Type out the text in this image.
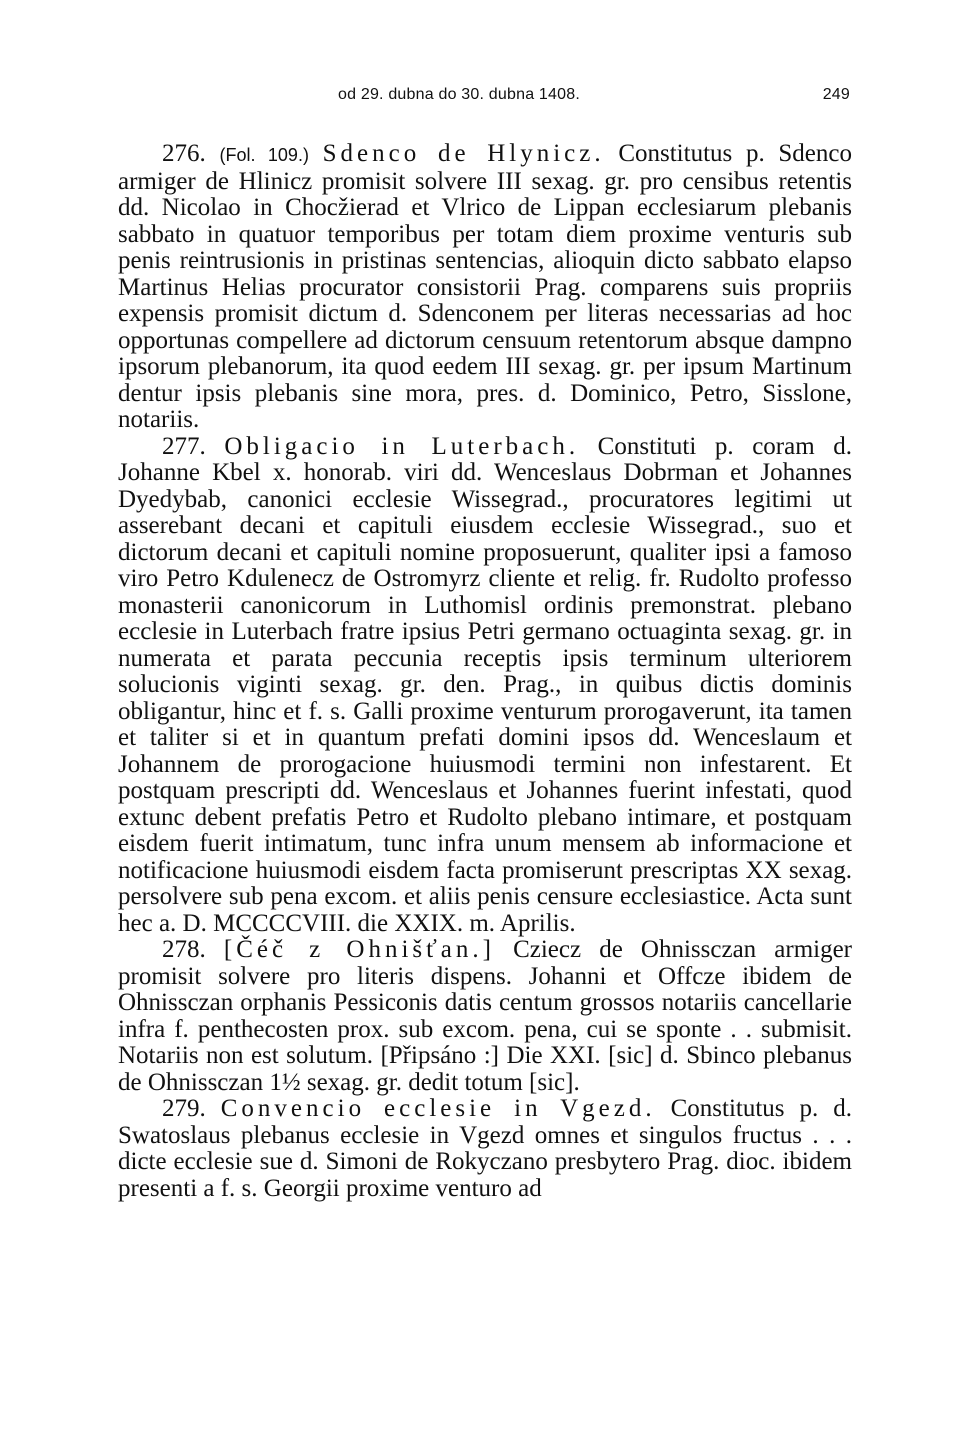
od 29. dubna do 30. dubna 1408.	249

276. (Fol. 109.) Sdenco de Hlynicz. Constitutus p. Sdenco armiger de Hlinicz promisit solvere III sexag. gr. pro censibus retentis dd. Nicolao in Chocžierad et Vlrico de Lippan ecclesiarum plebanis sabbato in quatuor temporibus per totam diem proxime venturis sub penis reintrusionis in pristinas sentencias, alioquin dicto sabbato elapso Martinus Helias procurator consistorii Prag. comparens suis propriis expensis promisit dictum d. Sdenconem per literas necessarias ad hoc opportunas compellere ad dictorum censuum retentorum absque dampno ipsorum plebanorum, ita quod eedem III sexag. gr. per ipsum Martinum dentur ipsis plebanis sine mora, pres. d. Dominico, Petro, Sisslone, notariis.

277. Obligacio in Luterbach. Constituti p. coram d. Johanne Kbel x. honorab. viri dd. Wenceslaus Dobrman et Johannes Dyedybab, canonici ecclesie Wissegrad., procuratores legitimi ut asserebant decani et capituli eiusdem ecclesie Wissegrad., suo et dictorum decani et capituli nomine proposuerunt, qualiter ipsi a famoso viro Petro Kdulenecz de Ostromyrz cliente et relig. fr. Rudolto professo monasterii canonicorum in Luthomisl ordinis premonstrat. plebano ecclesie in Luterbach fratre ipsius Petri germano octuaginta sexag. gr. in numerata et parata peccunia receptis ipsis terminum ulteriorem solucionis viginti sexag. gr. den. Prag., in quibus dictis dominis obligantur, hinc et f. s. Galli proxime venturum prorogaverunt, ita tamen et taliter si et in quantum prefati domini ipsos dd. Wenceslaum et Johannem de prorogacione huiusmodi termini non infestarent. Et postquam prescripti dd. Wenceslaus et Johannes fuerint infestati, quod extunc debent prefatis Petro et Rudolto plebano intimare, et postquam eisdem fuerit intimatum, tunc infra unum mensem ab informacione et notificacione huiusmodi eisdem facta promiserunt prescriptas XX sexag. persolvere sub pena excom. et aliis penis censure ecclesiastice. Acta sunt hec a. D. MCCCCVIII. die XXIX. m. Aprilis.

278. [Čéč z Ohnišťan.] Cziecz de Ohnissczan armiger promisit solvere pro literis dispens. Johanni et Offcze ibidem de Ohnissczan orphanis Pessiconis datis centum grossos notariis cancellarie infra f. penthecosten prox. sub excom. pena, cui se sponte . . submisit. Notariis non est solutum. [Připsáno :] Die XXI. [sic] d. Sbinco plebanus de Ohnissczan 1½ sexag. gr. dedit totum [sic].

279. Convencio ecclesie in Vgezd. Constitutus p. d. Swatoslaus plebanus ecclesie in Vgezd omnes et singulos fructus . . . dicte ecclesie sue d. Simoni de Rokyczano presbytero Prag. dioc. ibidem presenti a f. s. Georgii proxime venturo ad
